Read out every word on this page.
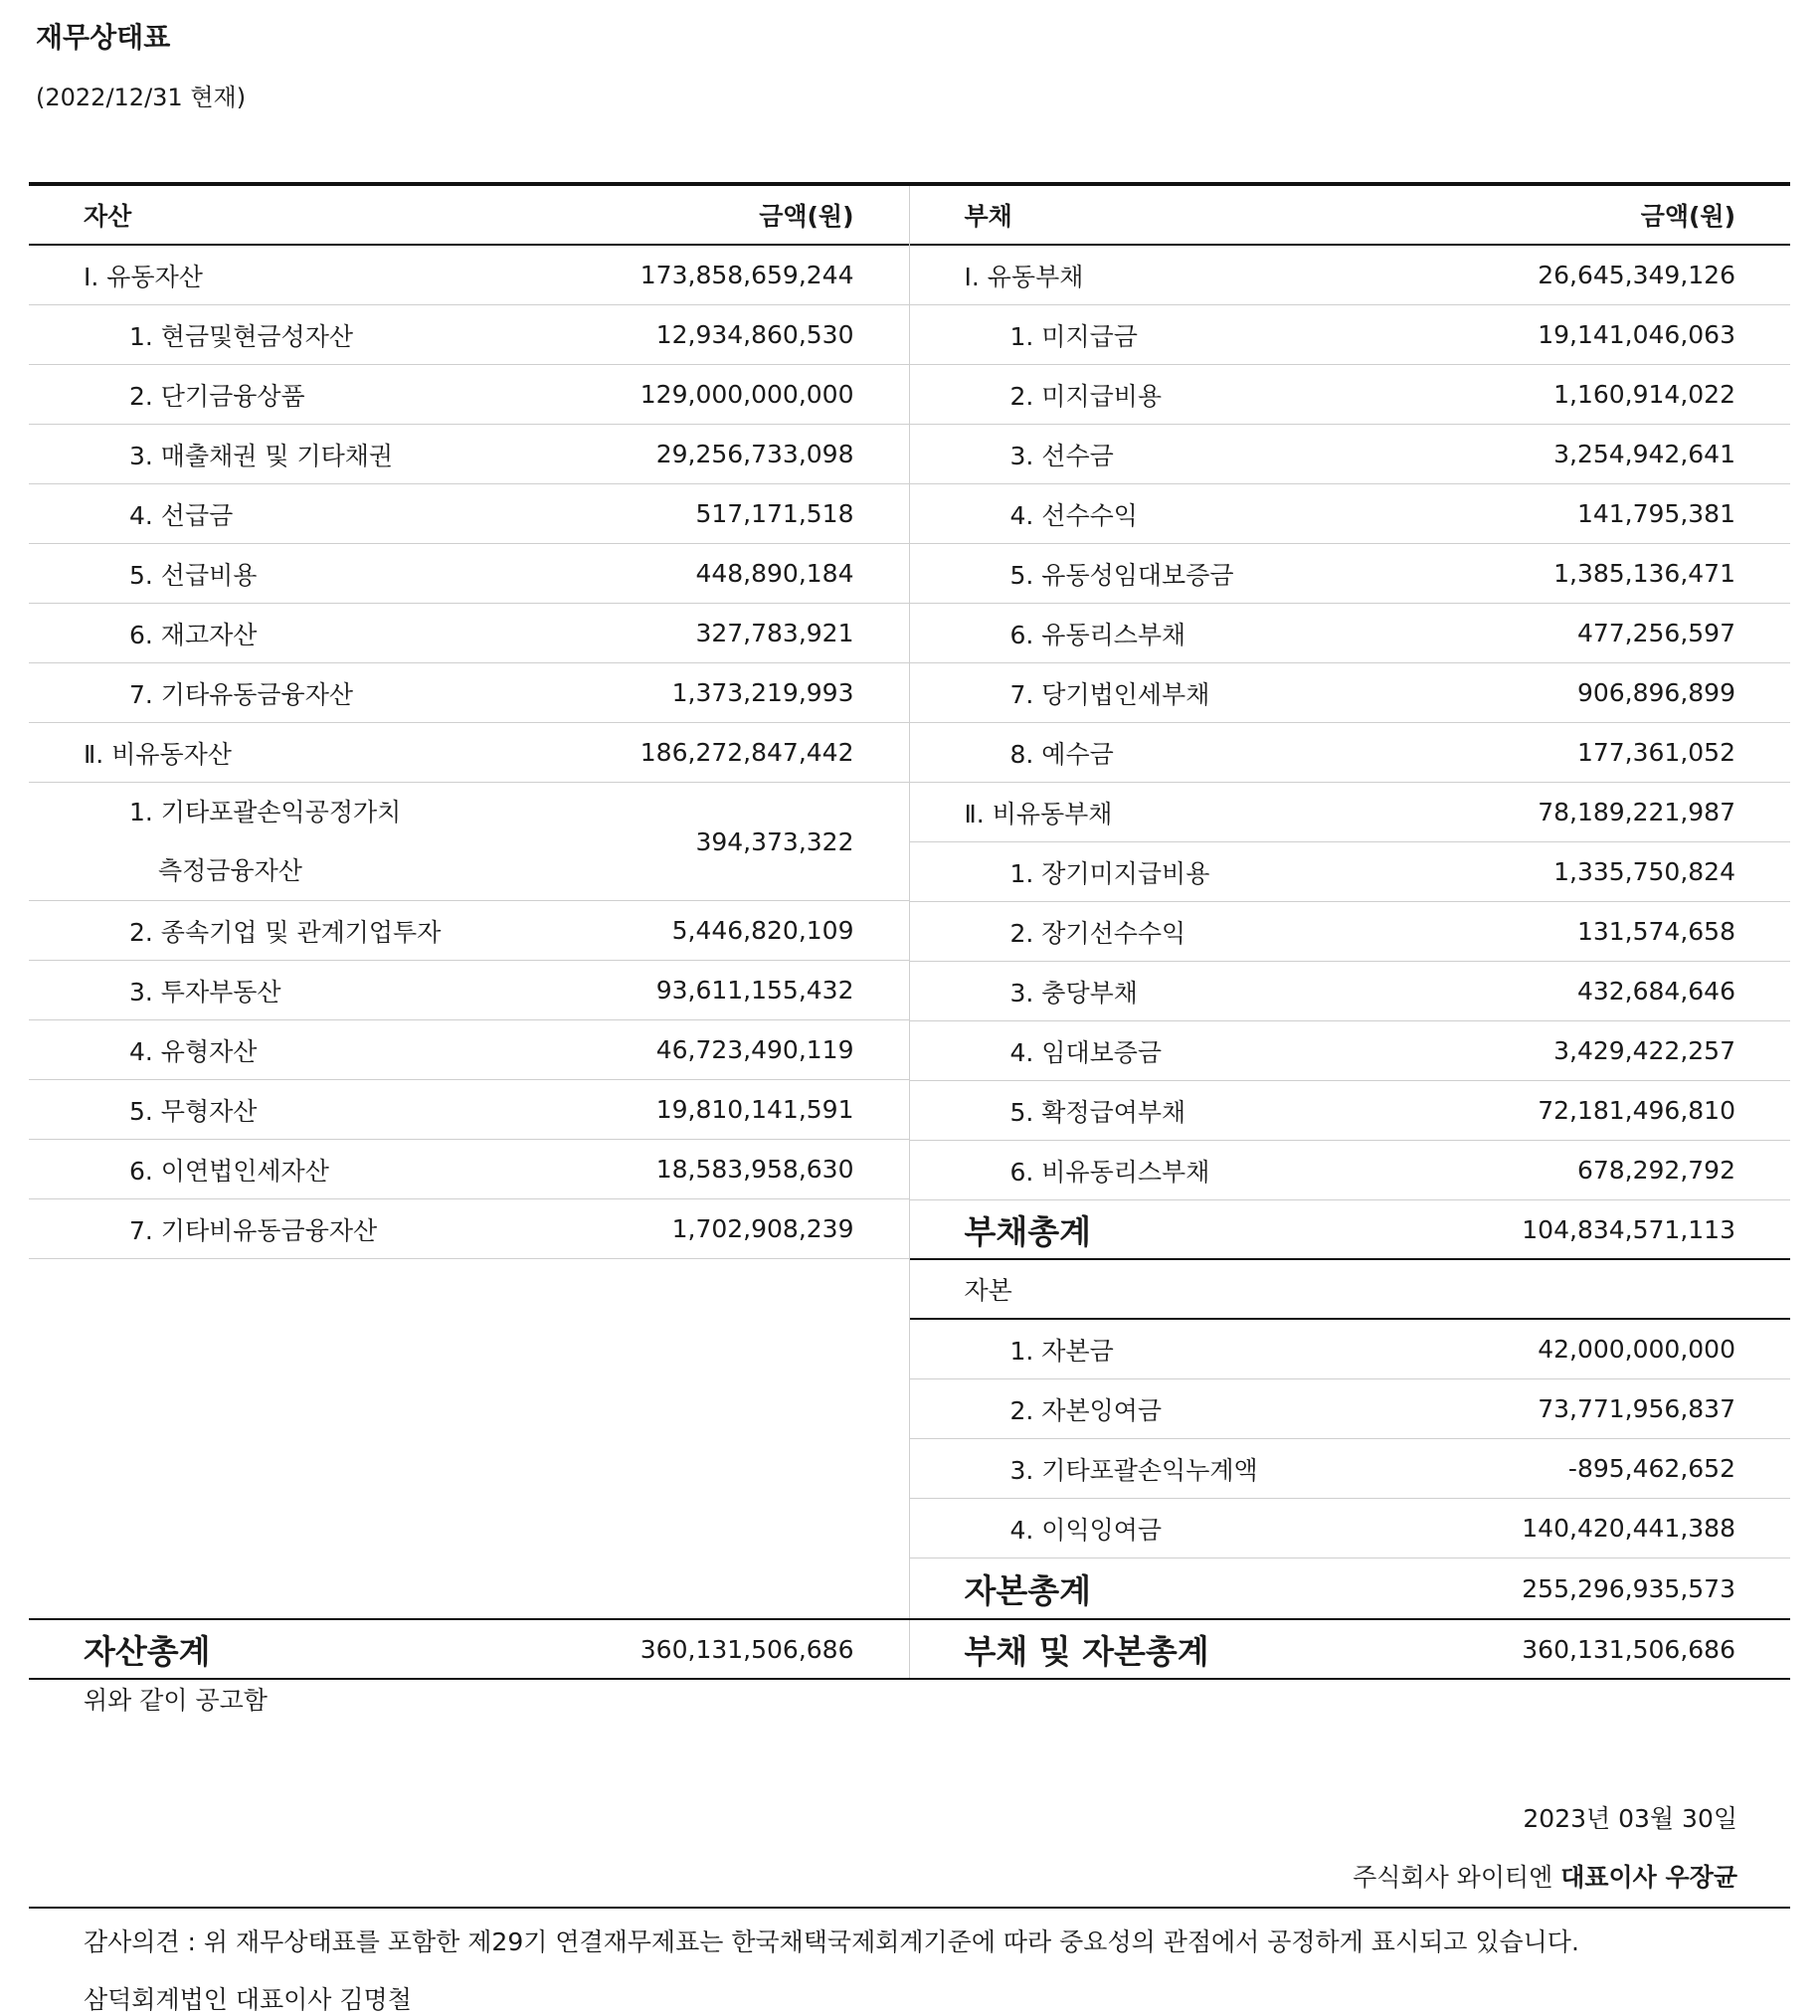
재무상태표
(2022/12/31 현재)
자산	금액(원)
Ⅰ. 유동자산	173,858,659,244
1. 현금및현금성자산	12,934,860,530
2. 단기금융상품	129,000,000,000
3. 매출채권 및 기타채권	29,256,733,098
4. 선급금	517,171,518
5. 선급비용	448,890,184
6. 재고자산	327,783,921
7. 기타유동금융자산	1,373,219,993
Ⅱ. 비유동자산	186,272,847,442
1. 기타포괄손익공정가치
측정금융자산
394,373,322
2. 종속기업 및 관계기업투자	5,446,820,109
3. 투자부동산	93,611,155,432
4. 유형자산	46,723,490,119
5. 무형자산	19,810,141,591
6. 이연법인세자산	18,583,958,630
7. 기타비유동금융자산	1,702,908,239
부채	금액(원)
Ⅰ. 유동부채	26,645,349,126
1. 미지급금	19,141,046,063
2. 미지급비용	1,160,914,022
3. 선수금	3,254,942,641
4. 선수수익	141,795,381
5. 유동성임대보증금	1,385,136,471
6. 유동리스부채	477,256,597
7. 당기법인세부채	906,896,899
8. 예수금	177,361,052
Ⅱ. 비유동부채	78,189,221,987
1. 장기미지급비용	1,335,750,824
2. 장기선수수익	131,574,658
3. 충당부채	432,684,646
4. 임대보증금	3,429,422,257
5. 확정급여부채	72,181,496,810
6. 비유동리스부채	678,292,792
부채총계	104,834,571,113
자본
1. 자본금	42,000,000,000
2. 자본잉여금	73,771,956,837
3. 기타포괄손익누계액	-895,462,652
4. 이익잉여금	140,420,441,388
자본총계	255,296,935,573
자산총계	360,131,506,686	부채 및 자본총계	360,131,506,686
위와 같이 공고함
2023년 03월 30일
주식회사 와이티엔 대표이사 우장균
감사의견 : 위 재무상태표를 포함한 제29기 연결재무제표는 한국채택국제회계기준에 따라 중요성의 관점에서 공정하게 표시되고 있습니다.
삼덕회계법인 대표이사 김명철
